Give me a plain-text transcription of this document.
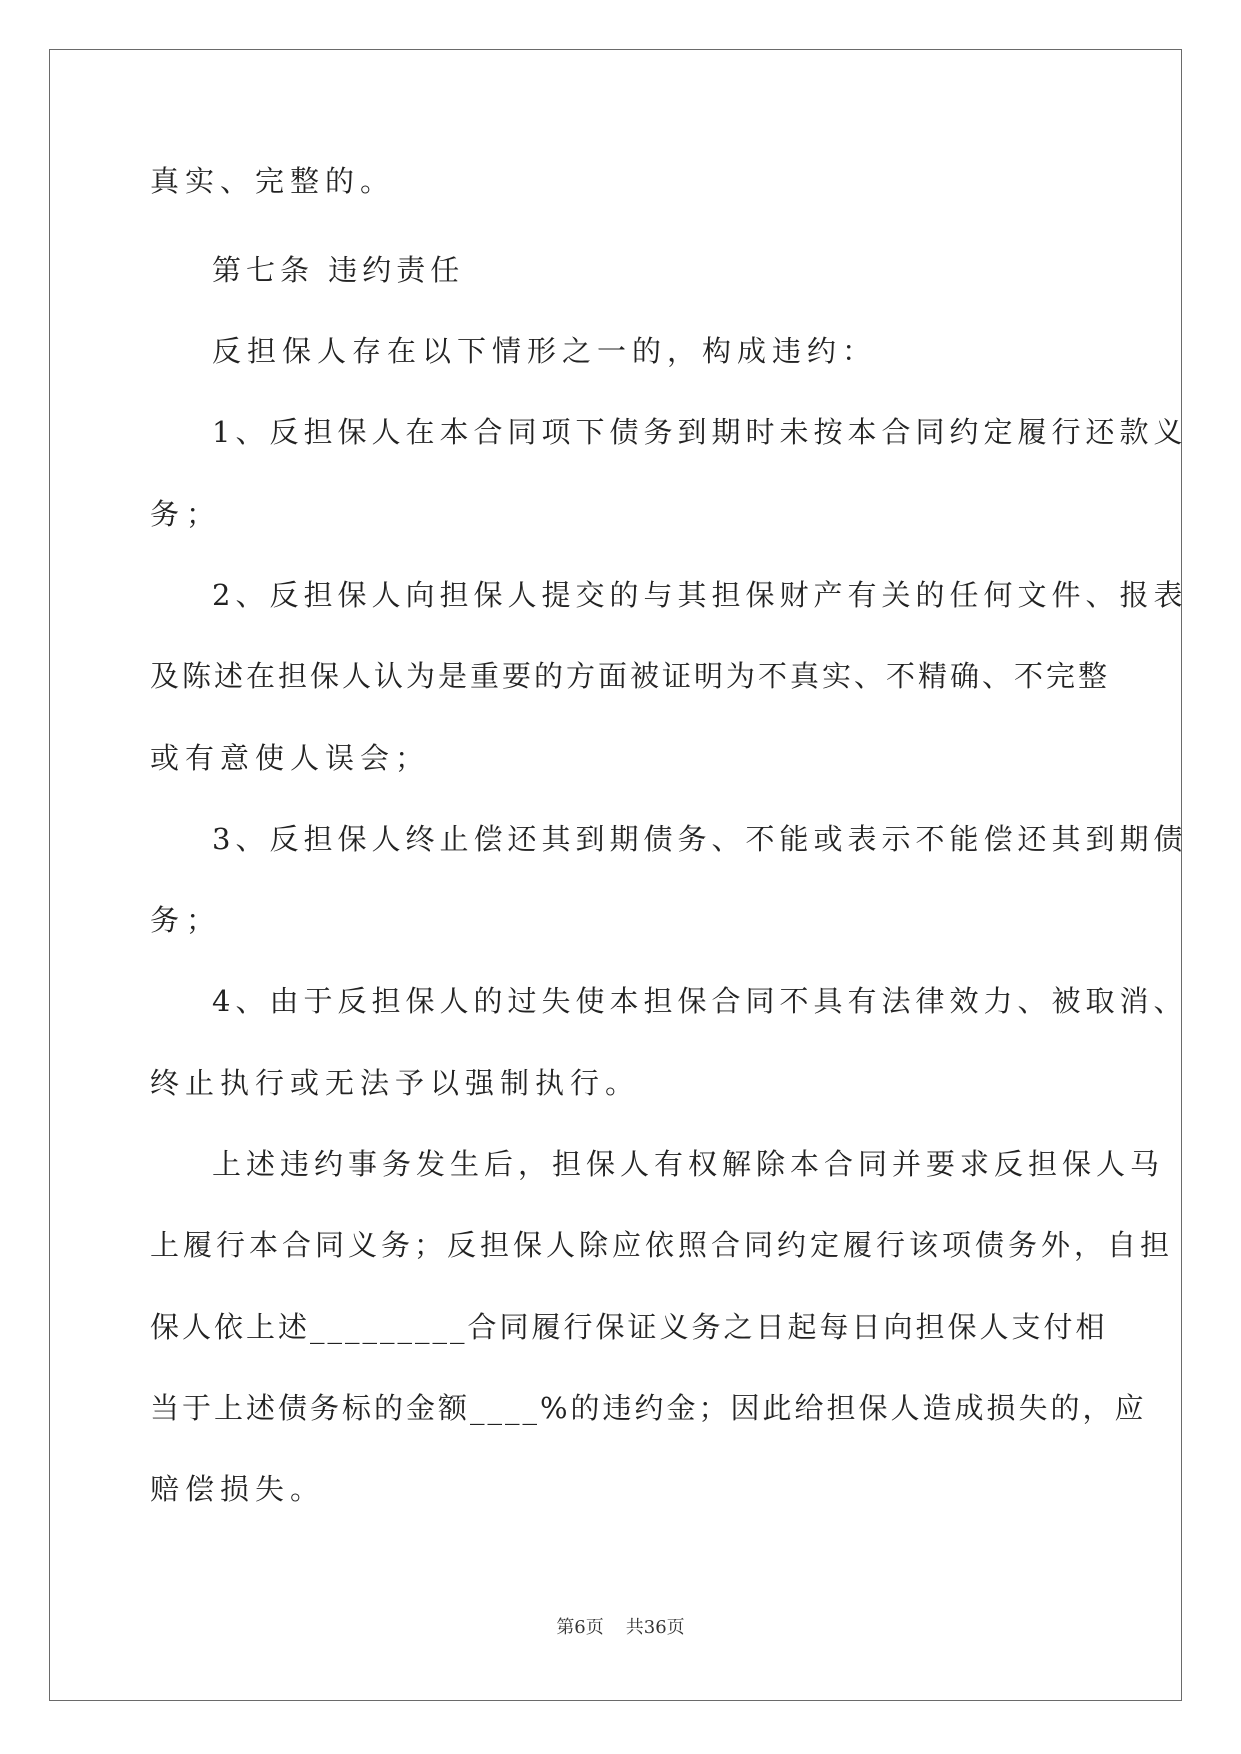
真实、完整的。

第七条 违约责任

反担保人存在以下情形之一的，构成违约：

1、反担保人在本合同项下债务到期时未按本合同约定履行还款义

务；

2、反担保人向担保人提交的与其担保财产有关的任何文件、报表

及陈述在担保人认为是重要的方面被证明为不真实、不精确、不完整

或有意使人误会；

3、反担保人终止偿还其到期债务、不能或表示不能偿还其到期债

务；

4、由于反担保人的过失使本担保合同不具有法律效力、被取消、

终止执行或无法予以强制执行。

上述违约事务发生后，担保人有权解除本合同并要求反担保人马

上履行本合同义务；反担保人除应依照合同约定履行该项债务外，自担

保人依上述_________合同履行保证义务之日起每日向担保人支付相

当于上述债务标的金额____%的违约金；因此给担保人造成损失的，应

赔偿损失。

第6页 共36页
